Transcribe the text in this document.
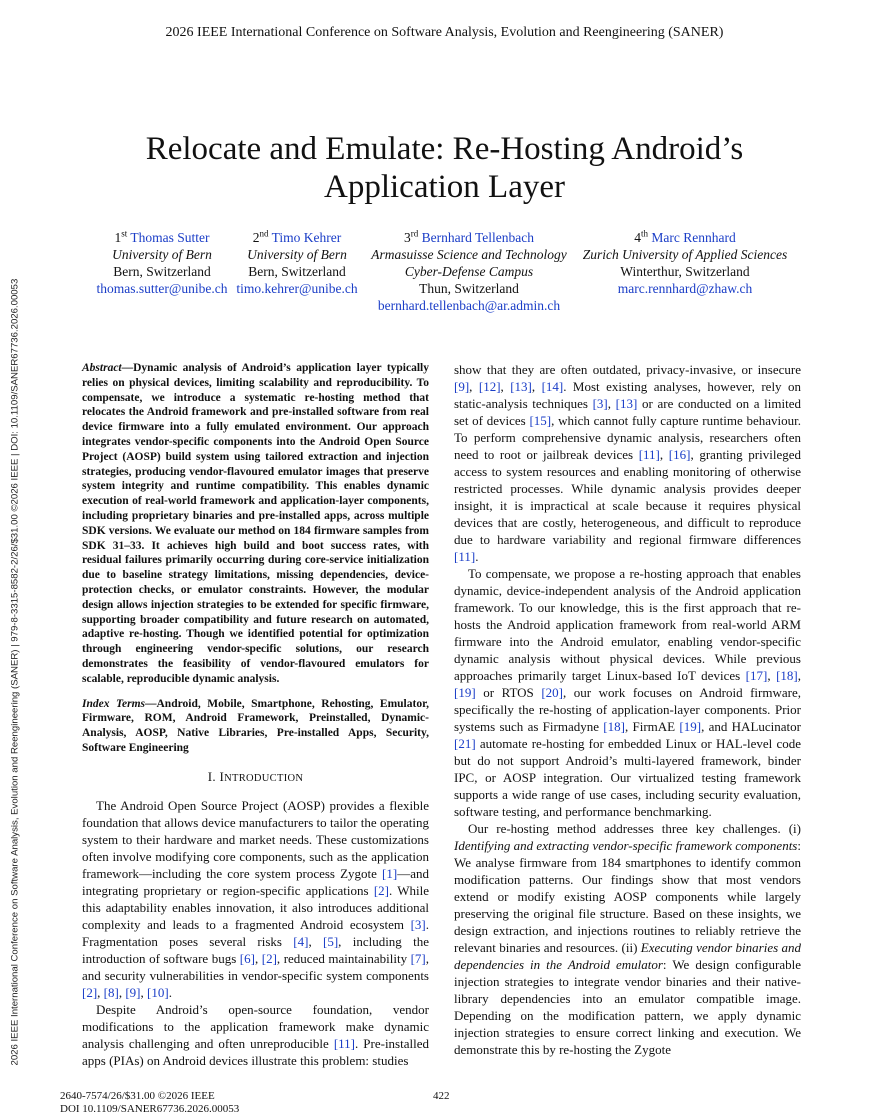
2026 IEEE International Conference on Software Analysis, Evolution and Reengineering (SANER)
Relocate and Emulate: Re-Hosting Android’s
Application Layer
1st Thomas Sutter
University of Bern
Bern, Switzerland
thomas.sutter@unibe.ch
2nd Timo Kehrer
University of Bern
Bern, Switzerland
timo.kehrer@unibe.ch
3rd Bernhard Tellenbach
Armasuisse Science and Technology
Cyber-Defense Campus
Thun, Switzerland
bernhard.tellenbach@ar.admin.ch
4th Marc Rennhard
Zurich University of Applied Sciences
Winterthur, Switzerland
marc.rennhard@zhaw.ch

Abstract—Dynamic analysis of Android’s application layer typically relies on physical devices, limiting scalability and reproducibility. To compensate, we introduce a systematic re-hosting method that relocates the Android framework and pre-installed software from real device firmware into a fully emulated environment. Our approach integrates vendor-specific components into the Android Open Source Project (AOSP) build system using tailored extraction and injection strategies, producing vendor-flavoured emulator images that preserve system integrity and runtime compatibility. This enables dynamic execution of real-world framework and application-layer components, including proprietary binaries and pre-installed apps, across multiple SDK versions. We evaluate our method on 184 firmware samples from SDK 31–33. It achieves high build and boot success rates, with residual failures primarily occurring during core-service initialization due to baseline strategy limitations, missing dependencies, device-protection checks, or emulator constraints. However, the modular design allows injection strategies to be extended for specific firmware, supporting broader compatibility and future research on automated, adaptive re-hosting. Though we identified potential for optimization through engineering vendor-specific solutions, our research demonstrates the feasibility of vendor-flavoured emulators for scalable, reproducible dynamic analysis.

Index Terms—Android, Mobile, Smartphone, Rehosting, Emulator, Firmware, ROM, Android Framework, Preinstalled, Dynamic-Analysis, AOSP, Native Libraries, Pre-installed Apps, Security, Software Engineering

I. INTRODUCTION

The Android Open Source Project (AOSP) provides a flexible foundation that allows device manufacturers to tailor the operating system to their hardware and market needs. These customizations often involve modifying core components, such as the application framework—including the core system process Zygote [1]—and integrating proprietary or region-specific applications [2]. While this adaptability enables innovation, it also introduces additional complexity and leads to a fragmented Android ecosystem [3]. Fragmentation poses several risks [4], [5], including the introduction of software bugs [6], [2], reduced maintainability [7], and security vulnerabilities in vendor-specific system components [2], [8], [9], [10].

Despite Android’s open-source foundation, vendor modifications to the application framework make dynamic analysis challenging and often unreproducible [11]. Pre-installed apps (PIAs) on Android devices illustrate this problem: studies

show that they are often outdated, privacy-invasive, or insecure [9], [12], [13], [14]. Most existing analyses, however, rely on static-analysis techniques [3], [13] or are conducted on a limited set of devices [15], which cannot fully capture runtime behaviour. To perform comprehensive dynamic analysis, researchers often need to root or jailbreak devices [11], [16], granting privileged access to system resources and enabling monitoring of otherwise restricted processes. While dynamic analysis provides deeper insight, it is impractical at scale because it requires physical devices that are costly, heterogeneous, and difficult to reproduce due to hardware variability and regional firmware differences [11].

To compensate, we propose a re-hosting approach that enables dynamic, device-independent analysis of the Android application framework. To our knowledge, this is the first approach that re-hosts the Android application framework from real-world ARM firmware into the Android emulator, enabling vendor-specific dynamic analysis without physical devices. While previous approaches primarily target Linux-based IoT devices [17], [18], [19] or RTOS [20], our work focuses on Android firmware, specifically the re-hosting of application-layer components. Prior systems such as Firmadyne [18], FirmAE [19], and HALucinator [21] automate re-hosting for embedded Linux or HAL-level code but do not support Android’s multi-layered framework, binder IPC, or AOSP integration. Our virtualized testing framework supports a wide range of use cases, including security evaluation, software testing, and performance benchmarking.

Our re-hosting method addresses three key challenges. (i) Identifying and extracting vendor-specific framework components: We analyse firmware from 184 smartphones to identify common modification patterns. Our findings show that most vendors extend or modify existing AOSP components while largely preserving the original file structure. Based on these insights, we design extraction, and injections routines to reliably retrieve the relevant binaries and resources. (ii) Executing vendor binaries and dependencies in the Android emulator: We design configurable injection strategies to integrate vendor binaries and their native-library dependencies into an emulator compatible image. Depending on the modification pattern, we apply dynamic injection strategies to ensure correct linking and execution. We demonstrate this by re-hosting the Zygote

2026 IEEE International Conference on Software Analysis, Evolution and Reengineering (SANER) | 979-8-3315-8582-2/26/$31.00 ©2026 IEEE | DOI: 10.1109/SANER67736.2026.00053
2640-7574/26/$31.00 ©2026 IEEE
DOI 10.1109/SANER67736.2026.00053
422
